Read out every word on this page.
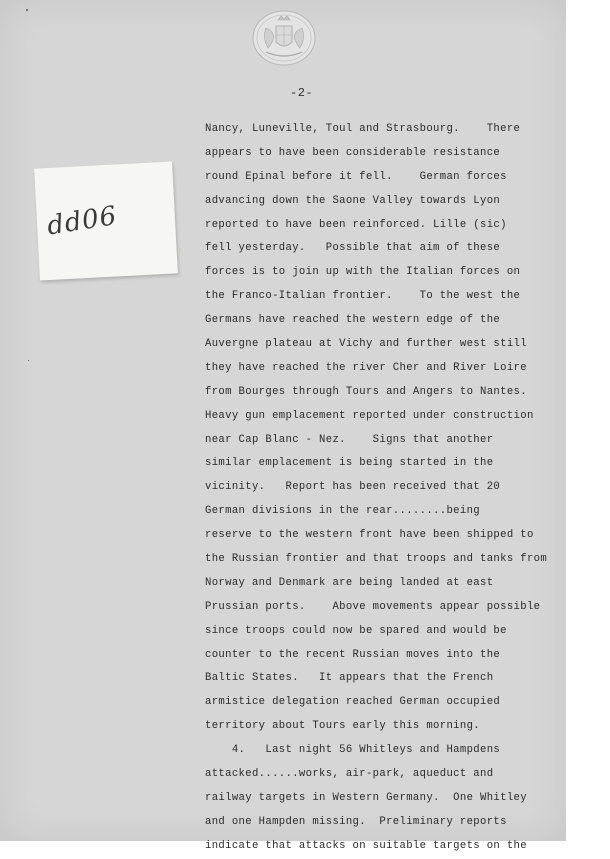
-2-
Nancy, Luneville, Toul and Strasbourg.    There
appears to have been considerable resistance
round Epinal before it fell.    German forces
advancing down the Saone Valley towards Lyon
reported to have been reinforced. Lille (sic)
fell yesterday.   Possible that aim of these
forces is to join up with the Italian forces on
the Franco-Italian frontier.    To the west the
Germans have reached the western edge of the
Auvergne plateau at Vichy and further west still
they have reached the river Cher and River Loire
from Bourges through Tours and Angers to Nantes.
Heavy gun emplacement reported under construction
near Cap Blanc - Nez.    Signs that another
similar emplacement is being started in the
vicinity.   Report has been received that 20
German divisions in the rear........being
reserve to the western front have been shipped to
the Russian frontier and that troops and tanks from
Norway and Denmark are being landed at east
Prussian ports.    Above movements appear possible
since troops could now be spared and would be
counter to the recent Russian moves into the
Baltic States.   It appears that the French
armistice delegation reached German occupied
territory about Tours early this morning.
4.   Last night 56 Whitleys and Hampdens
attacked......works, air-park, aqueduct and
railway targets in Western Germany.  One Whitley
and one Hampden missing.  Preliminary reports
indicate that attacks on suitable targets on the
dd06
